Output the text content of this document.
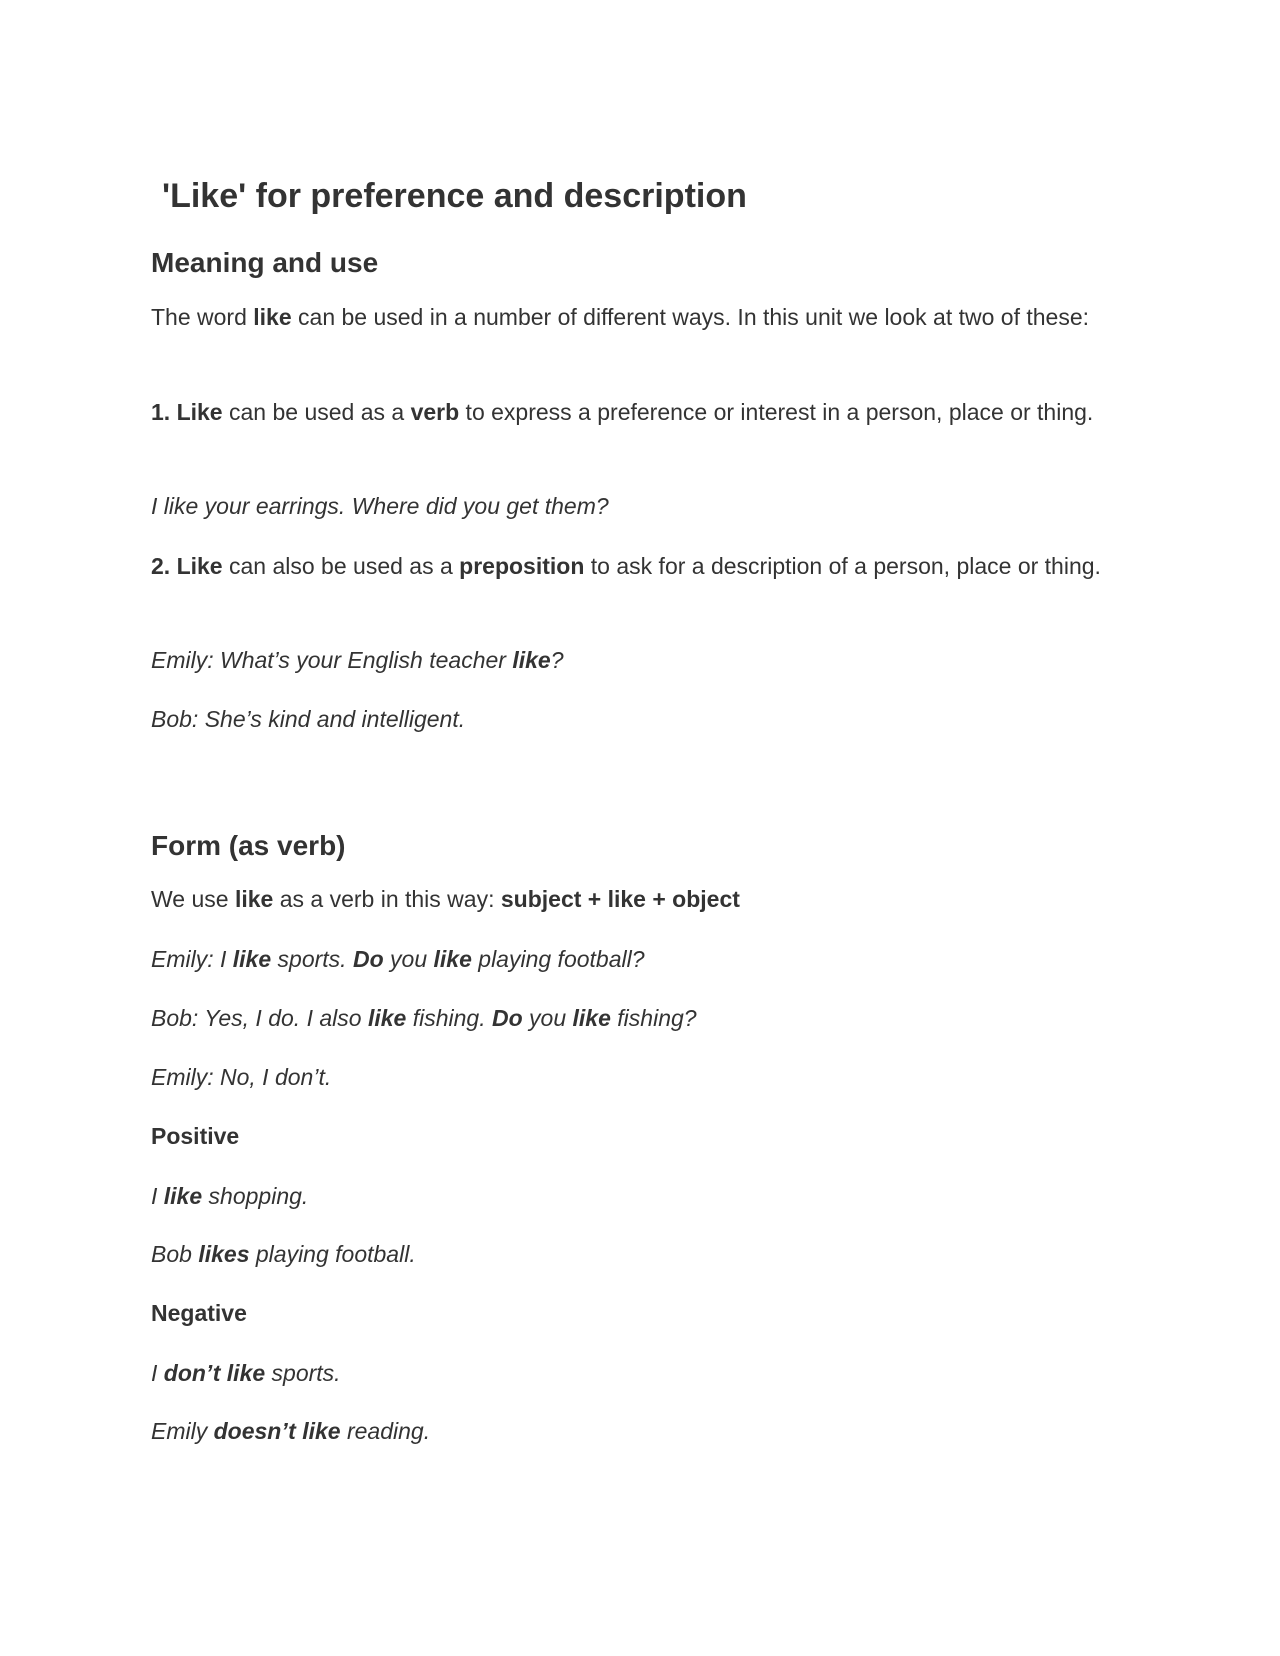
'Like' for preference and description
Meaning and use

The word like can be used in a number of different ways. In this unit we look at two of these:

1. Like can be used as a verb to express a preference or interest in a person, place or thing.

I like your earrings. Where did you get them?

2. Like can also be used as a preposition to ask for a description of a person, place or thing.

Emily: What’s your English teacher like?

Bob: She’s kind and intelligent.

Form (as verb)

We use like as a verb in this way: subject + like + object

Emily: I like sports. Do you like playing football?

Bob: Yes, I do. I also like fishing. Do you like fishing?

Emily: No, I don’t.

Positive

I like shopping.

Bob likes playing football.

Negative

I don’t like sports.

Emily doesn’t like reading.
